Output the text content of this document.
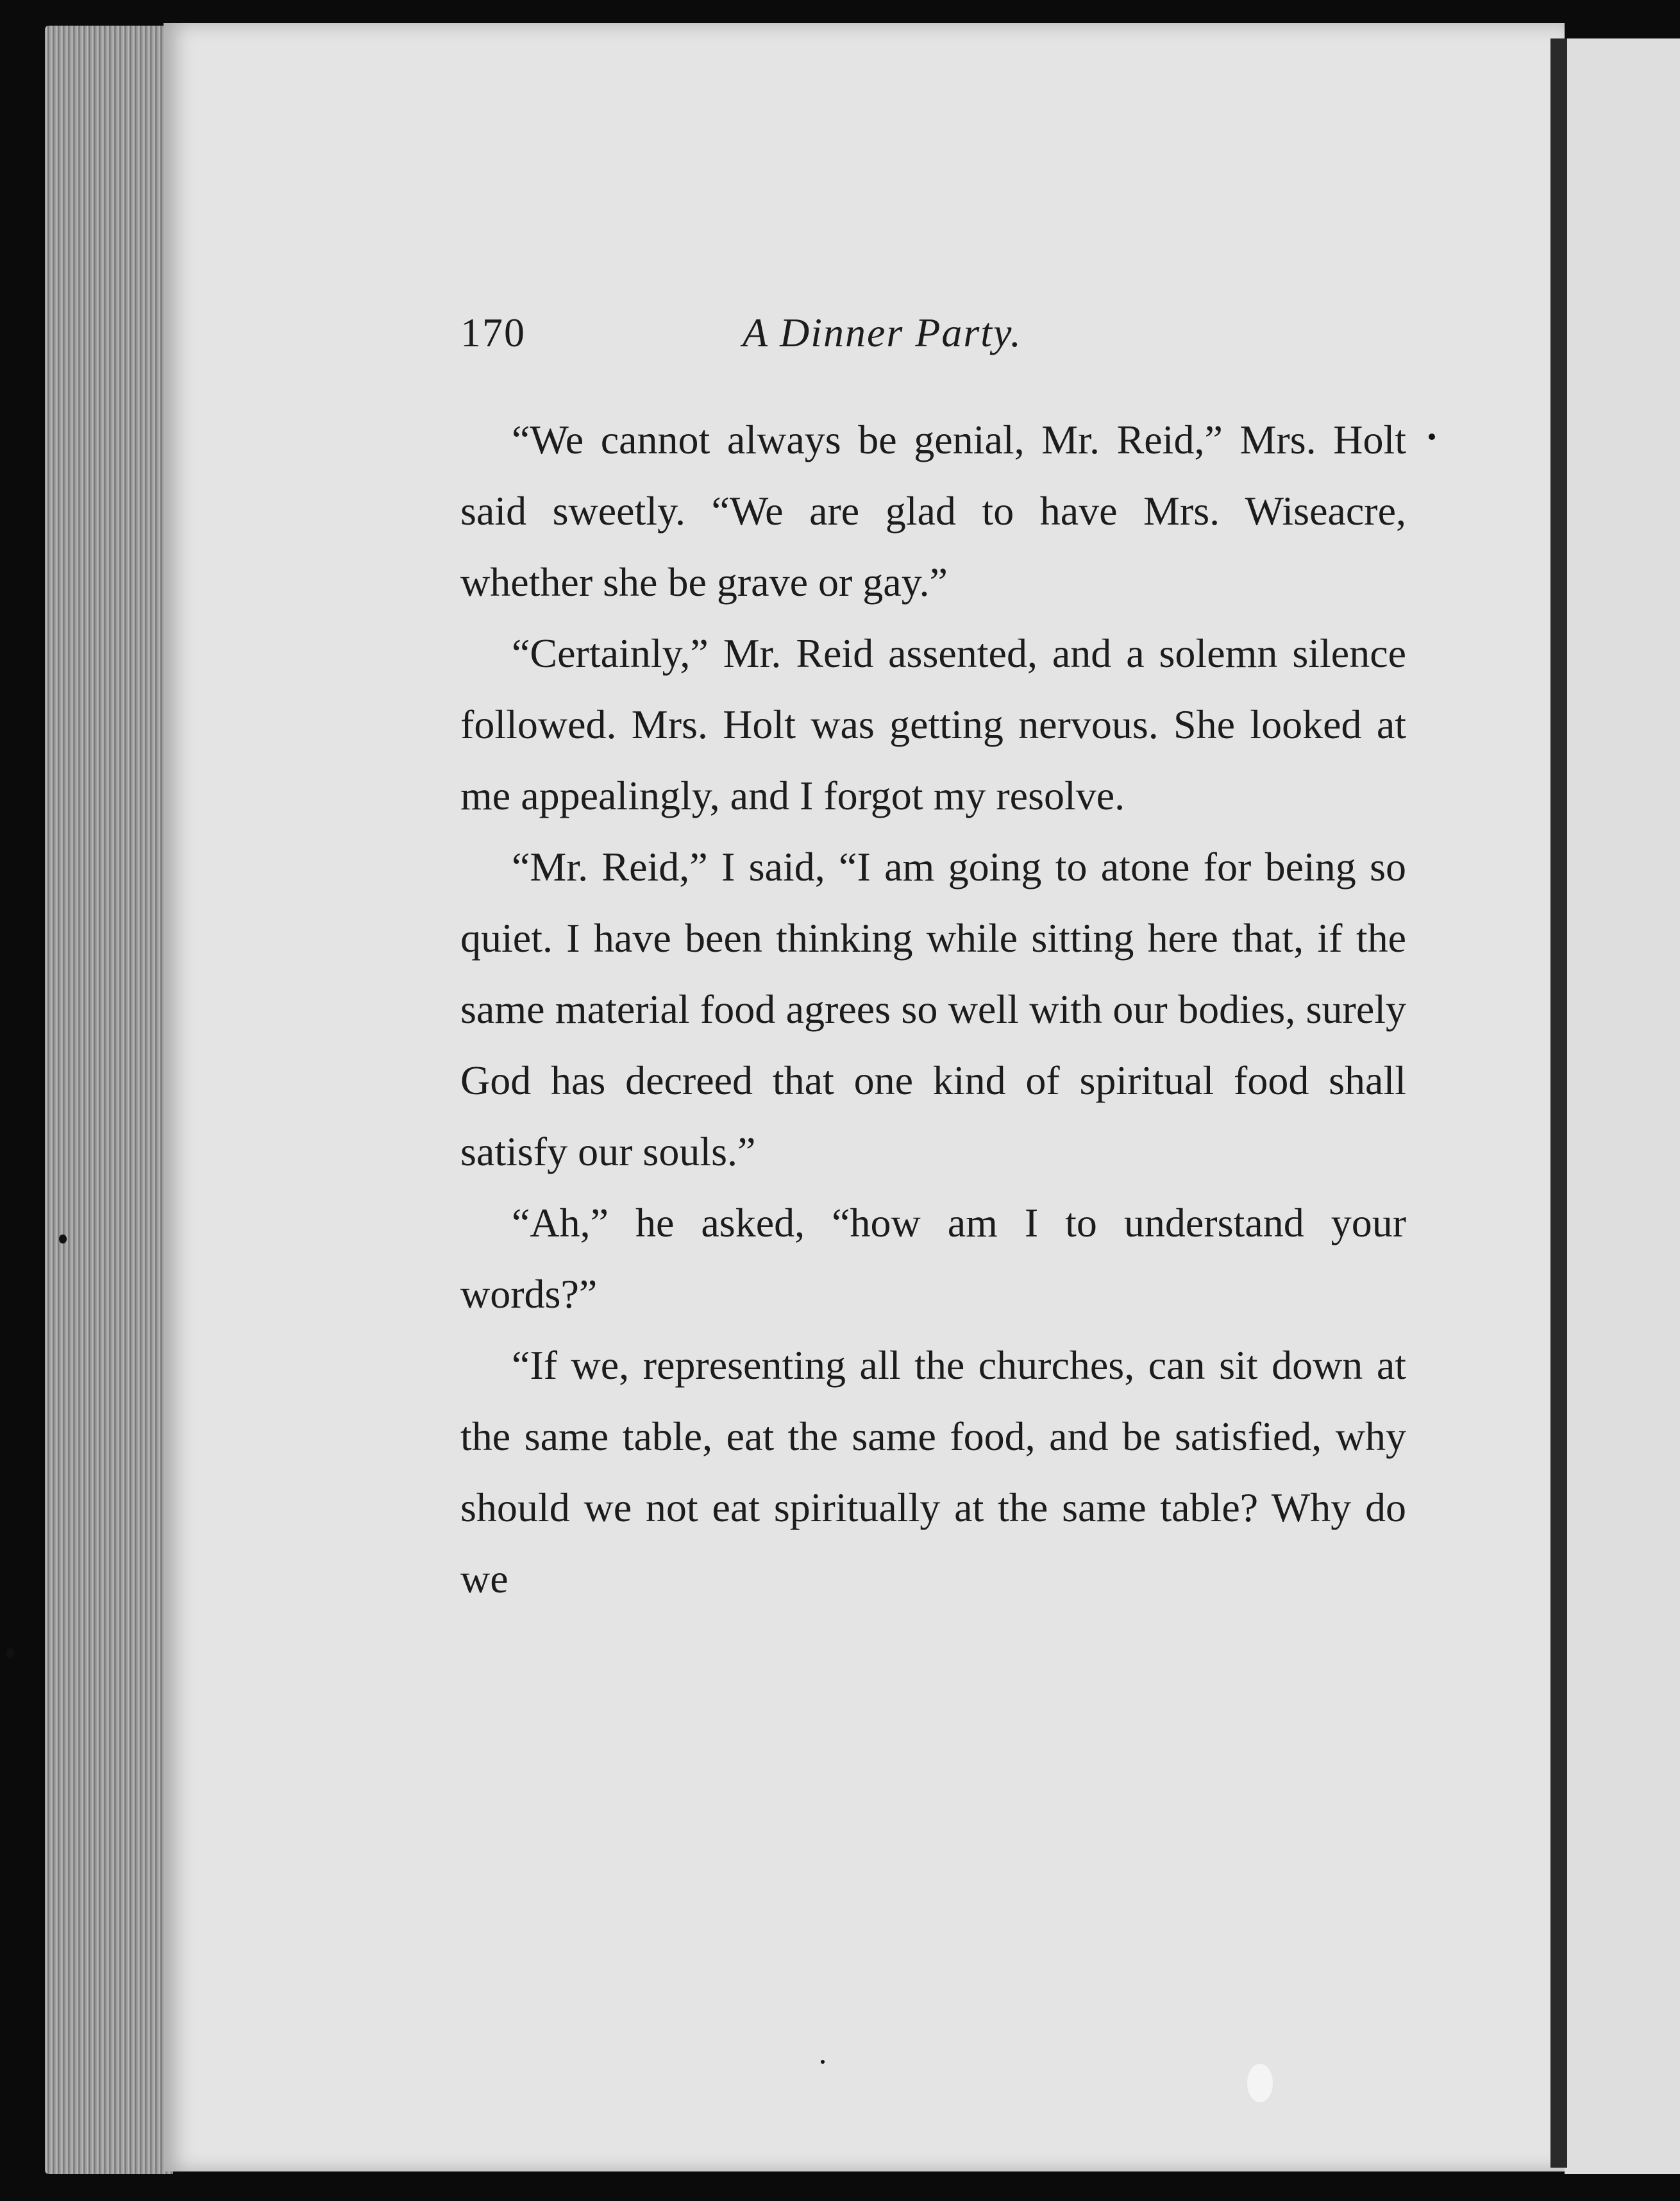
170	A Dinner Party.

“We cannot always be genial, Mr. Reid,” Mrs. Holt said sweetly. “We are glad to have Mrs. Wiseacre, whether she be grave or gay.”

“Certainly,” Mr. Reid assented, and a solemn silence followed. Mrs. Holt was getting nervous. She looked at me appealingly, and I forgot my resolve.

“Mr. Reid,” I said, “I am going to atone for being so quiet. I have been thinking while sitting here that, if the same material food agrees so well with our bodies, surely God has decreed that one kind of spiritual food shall satisfy our souls.”

“Ah,” he asked, “how am I to understand your words?”

“If we, representing all the churches, can sit down at the same table, eat the same food, and be satisfied, why should we not eat spiritually at the same table? Why do we
